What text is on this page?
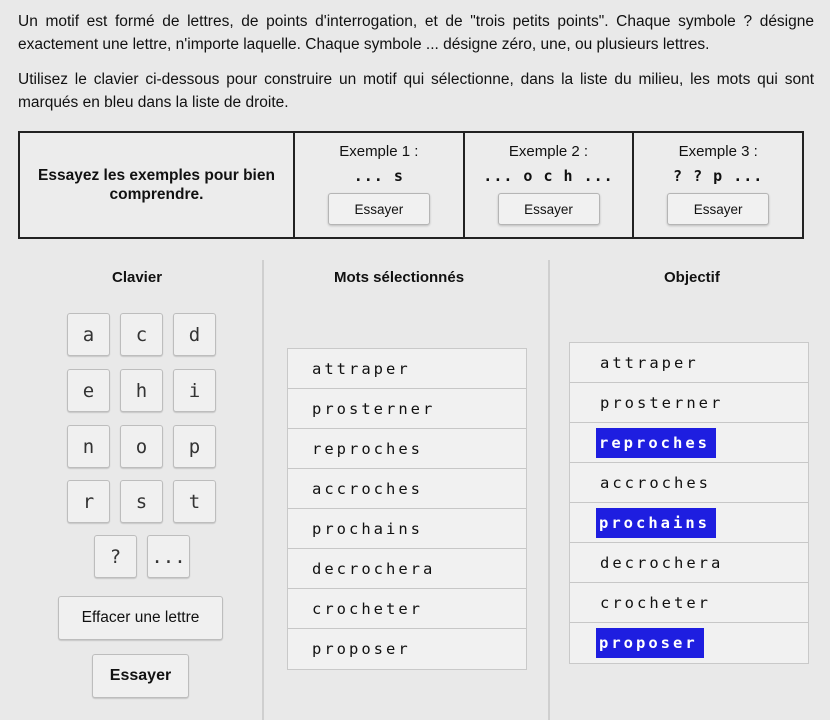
Un motif est formé de lettres, de points d'interrogation, et de "trois petits points". Chaque symbole ? désigne exactement une lettre, n'importe laquelle. Chaque symbole ... désigne zéro, une, ou plusieurs lettres.

Utilisez le clavier ci-dessous pour construire un motif qui sélectionne, dans la liste du milieu, les mots qui sont marqués en bleu dans la liste de droite.

Essayez les exemples pour bien comprendre.
Exemple 1 :
... s
Essayer
Exemple 2 :
... o c h ...
Essayer
Exemple 3 :
? ? p ...
Essayer
Clavier	Mots sélectionnés	Objectif
a	c	d
e	h	i
n	o	p
r	s	t
?	...
Effacer une lettre
Essayer
attraper
prosterner
reproches
accroches
prochains
decrochera
crocheter
proposer
attraper
prosterner
reproches
accroches
prochains
decrochera
crocheter
proposer
